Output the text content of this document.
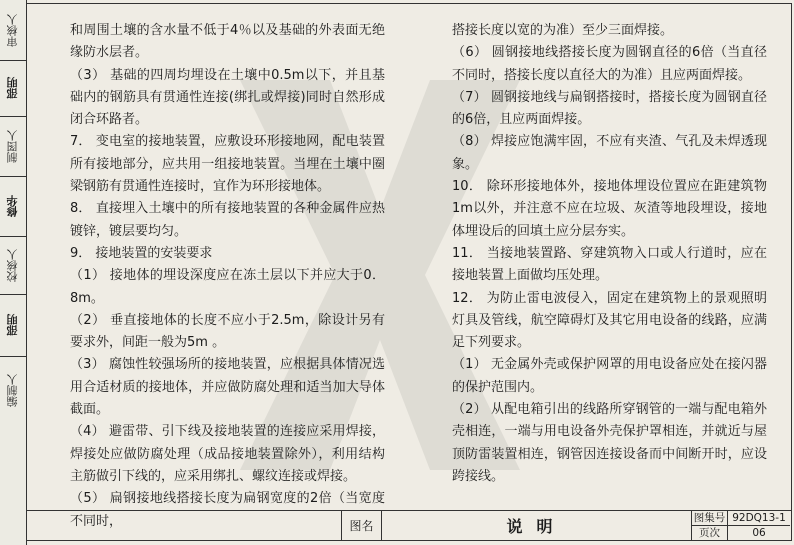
审核人
邵明
制图人
修华
校核人
邵明
编制人

和周围土壤的含水量不低于4％以及基础的外表面无绝缘防水层者。

（3） 基础的四周均埋设在土壤中0.5m以下，并且基础内的钢筋具有贯通性连接(绑扎或焊接)同时自然形成闭合环路者。

7． 变电室的接地装置，应敷设环形接地网，配电装置所有接地部分，应共用一组接地装置。当埋在土壤中圈梁钢筋有贯通性连接时，宜作为环形接地体。

8． 直接埋入土壤中的所有接地装置的各种金属件应热镀锌，镀层要均匀。

9． 接地装置的安装要求

（1） 接地体的埋设深度应在冻土层以下并应大于0．8m。

（2） 垂直接地体的长度不应小于2.5m，除设计另有要求外，间距一般为5m 。

（3） 腐蚀性较强场所的接地装置，应根据具体情况选用合适材质的接地体，并应做防腐处理和适当加大导体截面。

（4） 避雷带、引下线及接地装置的连接应采用焊接，焊接处应做防腐处理（成品接地装置除外），利用结构主筋做引下线的，应采用绑扎、螺纹连接或焊接。

（5） 扁钢接地线搭接长度为扁钢宽度的2倍（当宽度不同时，

搭接长度以宽的为准）至少三面焊接。

（6） 圆钢接地线搭接长度为圆钢直径的6倍（当直径不同时，搭接长度以直径大的为准）且应两面焊接。

（7） 圆钢接地线与扁钢搭接时，搭接长度为圆钢直径的6倍，且应两面焊接。

（8） 焊接应饱满牢固，不应有夹渣、气孔及未焊透现象。

10． 除环形接地体外，接地体埋设位置应在距建筑物1m以外，并注意不应在垃圾、灰渣等地段埋设，接地体埋设后的回填土应分层夯实。

11． 当接地装置路、穿建筑物入口或人行道时，应在接地装置上面做均压处理。

12． 为防止雷电波侵入，固定在建筑物上的景观照明灯具及管线，航空障碍灯及其它用电设备的线路，应满足下列要求。

（1） 无金属外壳或保护网罩的用电设备应处在接闪器的保护范围内。

（2） 从配电箱引出的线路所穿钢管的一端与配电箱外壳相连，一端与用电设备外壳保护罩相连，并就近与屋顶防雷装置相连，钢管因连接设备而中间断开时，应设跨接线。

图名	说明	图集号 92DQ13-1
页次	06
